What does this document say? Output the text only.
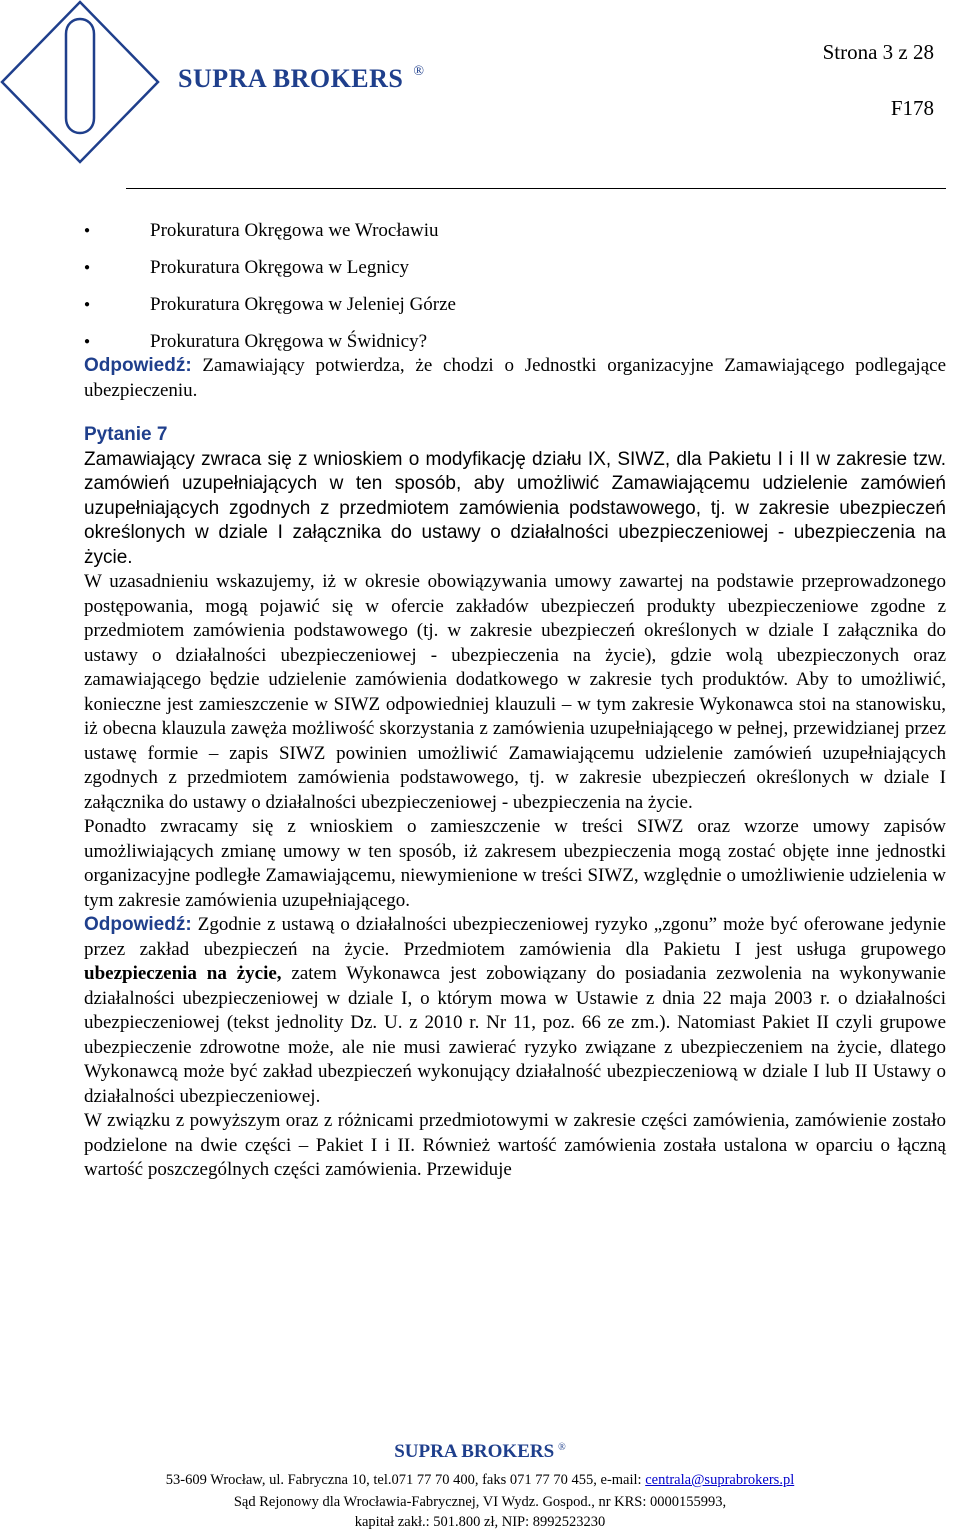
SUPRA BROKERS ®
Strona 3 z 28
F178
● Prokuratura Okręgowa we Wrocławiu
● Prokuratura Okręgowa w Legnicy
● Prokuratura Okręgowa w Jeleniej Górze
● Prokuratura Okręgowa w Świdnicy?

Odpowiedź: Zamawiający potwierdza, że chodzi o Jednostki organizacyjne Zamawiającego podlegające ubezpieczeniu.

Pytanie 7

Zamawiający zwraca się z wnioskiem o modyfikację działu IX, SIWZ, dla Pakietu I i II w zakresie tzw. zamówień uzupełniających w ten sposób, aby umożliwić Zamawiającemu udzielenie zamówień uzupełniających zgodnych z przedmiotem zamówienia podstawowego, tj. w zakresie ubezpieczeń określonych w dziale I załącznika do ustawy o działalności ubezpieczeniowej - ubezpieczenia na życie.

W uzasadnieniu wskazujemy, iż w okresie obowiązywania umowy zawartej na podstawie przeprowadzonego postępowania, mogą pojawić się w ofercie zakładów ubezpieczeń produkty ubezpieczeniowe zgodne z przedmiotem zamówienia podstawowego (tj. w zakresie ubezpieczeń określonych w dziale I załącznika do ustawy o działalności ubezpieczeniowej - ubezpieczenia na życie), gdzie wolą ubezpieczonych oraz zamawiającego będzie udzielenie zamówienia dodatkowego w zakresie tych produktów. Aby to umożliwić, konieczne jest zamieszczenie w SIWZ odpowiedniej klauzuli – w tym zakresie Wykonawca stoi na stanowisku, iż obecna klauzula zawęża możliwość skorzystania z zamówienia uzupełniającego w pełnej, przewidzianej przez ustawę formie – zapis SIWZ powinien umożliwić Zamawiającemu udzielenie zamówień uzupełniających zgodnych z przedmiotem zamówienia podstawowego, tj. w zakresie ubezpieczeń określonych w dziale I załącznika do ustawy o działalności ubezpieczeniowej - ubezpieczenia na życie.

Ponadto zwracamy się z wnioskiem o zamieszczenie w treści SIWZ oraz wzorze umowy zapisów umożliwiających zmianę umowy w ten sposób, iż zakresem ubezpieczenia mogą zostać objęte inne jednostki organizacyjne podległe Zamawiającemu, niewymienione w treści SIWZ, względnie o umożliwienie udzielenia w tym zakresie zamówienia uzupełniającego.

Odpowiedź: Zgodnie z ustawą o działalności ubezpieczeniowej ryzyko „zgonu” może być oferowane jedynie przez zakład ubezpieczeń na życie. Przedmiotem zamówienia dla Pakietu I jest usługa grupowego ubezpieczenia na życie, zatem Wykonawca jest zobowiązany do posiadania zezwolenia na wykonywanie działalności ubezpieczeniowej w dziale I, o którym mowa w Ustawie z dnia 22 maja 2003 r. o działalności ubezpieczeniowej (tekst jednolity Dz. U. z 2010 r. Nr 11, poz. 66 ze zm.). Natomiast Pakiet II czyli grupowe ubezpieczenie zdrowotne może, ale nie musi zawierać ryzyko związane z ubezpieczeniem na życie, dlatego Wykonawcą może być zakład ubezpieczeń wykonujący działalność ubezpieczeniową w dziale I lub II Ustawy o działalności ubezpieczeniowej.

W związku z powyższym oraz z różnicami przedmiotowymi w zakresie części zamówienia, zamówienie zostało podzielone na dwie części – Pakiet I i II. Również wartość zamówienia została ustalona w oparciu o łączną wartość poszczególnych części zamówienia. Przewiduje

SUPRA BROKERS ®
53-609 Wrocław, ul. Fabryczna 10, tel.071 77 70 400, faks 071 77 70 455, e-mail: centrala@suprabrokers.pl
Sąd Rejonowy dla Wrocławia-Fabrycznej, VI Wydz. Gospod., nr KRS: 0000155993,
kapitał zakł.: 501.800 zł, NIP: 8992523230
